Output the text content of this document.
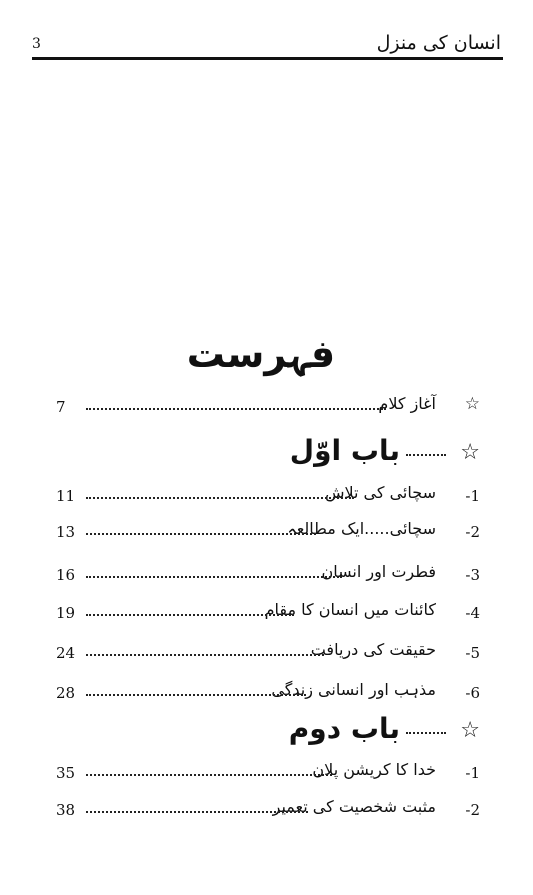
انسان کی منزل
3
فہرست
☆
آغاز کلام
7
☆
باب اوّل
-1
سچائی کی تلاش
11
-2
سچائی.....ایک مطالعہ
13
-3
فطرت اور انسان
16
-4
کائنات میں انسان کا مقام
19
-5
حقیقت کی دریافت
24
-6
مذہب اور انسانی زندگی
28
☆
باب دوم
-1
خدا کا کریشن پلان
35
-2
مثبت شخصیت کی تعمیر
38
